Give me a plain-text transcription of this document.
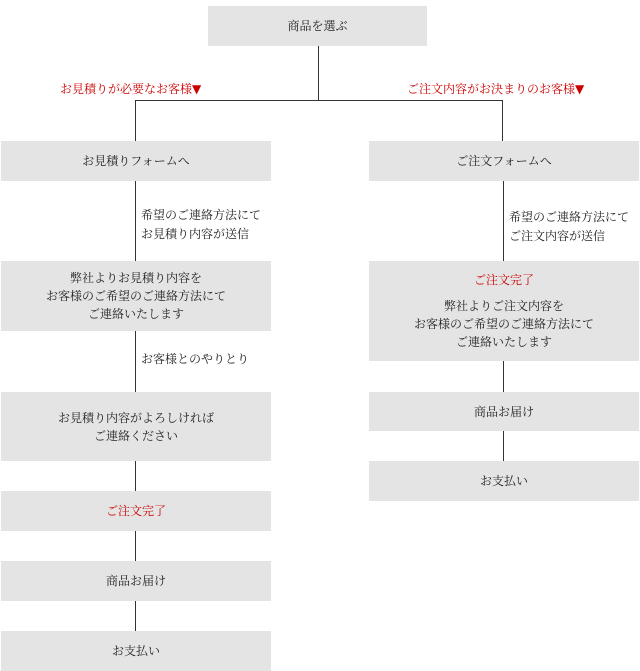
商品を選ぶ
お見積りが必要なお客様▼	ご注文内容がお決まりのお客様▼
お見積りフォームへ
希望のご連絡方法にて
お見積り内容が送信
弊社よりお見積り内容を
お客様のご希望のご連絡方法にて
ご連絡いたします
お客様とのやりとり
お見積り内容がよろしければ
ご連絡ください
ご注文完了
商品お届け
お支払い
ご注文フォームへ
希望のご連絡方法にて
ご注文内容が送信
ご注文完了
弊社よりご注文内容を
お客様のご希望のご連絡方法にて
ご連絡いたします
商品お届け
お支払い
